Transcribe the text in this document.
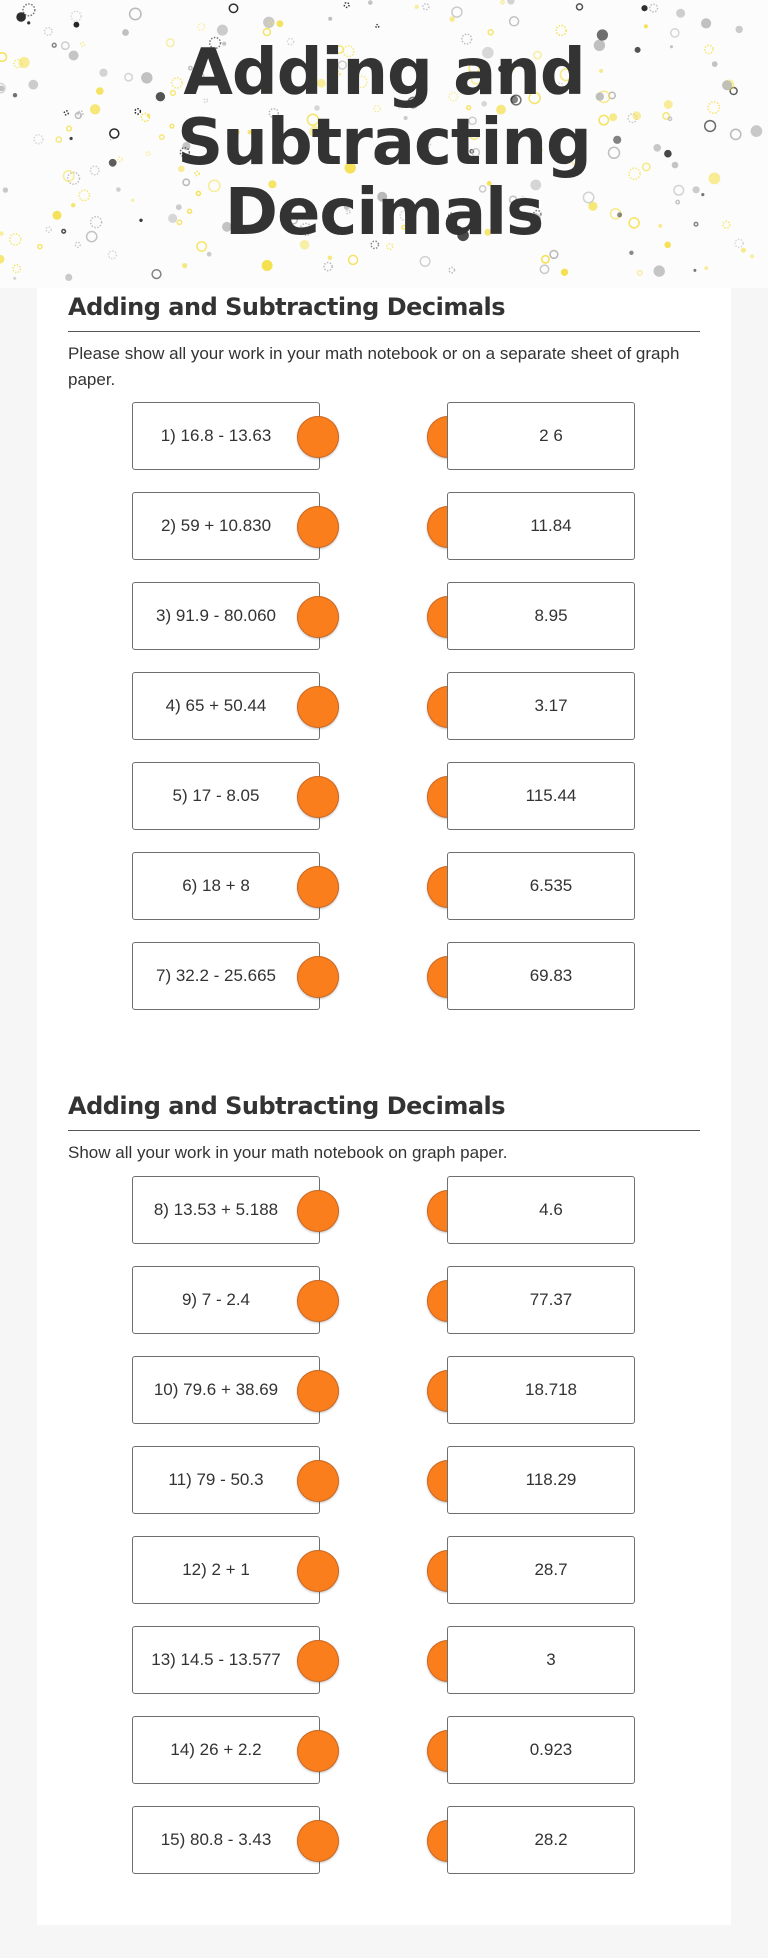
Adding and
Subtracting
Decimals
Adding and Subtracting Decimals
Please show all your work in your math notebook or on a separate sheet of graph paper.
1) 16.8 - 13.63	2 6
2) 59 + 10.830	11.84
3) 91.9 - 80.060	8.95
4) 65 + 50.44	3.17
5) 17 - 8.05	115.44
6) 18 + 8	6.535
7) 32.2 - 25.665	69.83
Adding and Subtracting Decimals
Show all your work in your math notebook on graph paper.
8) 13.53 + 5.188	4.6
9) 7 - 2.4	77.37
10) 79.6 + 38.69	18.718
11) 79 - 50.3	118.29
12) 2 + 1	28.7
13) 14.5 - 13.577	3
14) 26 + 2.2	0.923
15) 80.8 - 3.43	28.2
